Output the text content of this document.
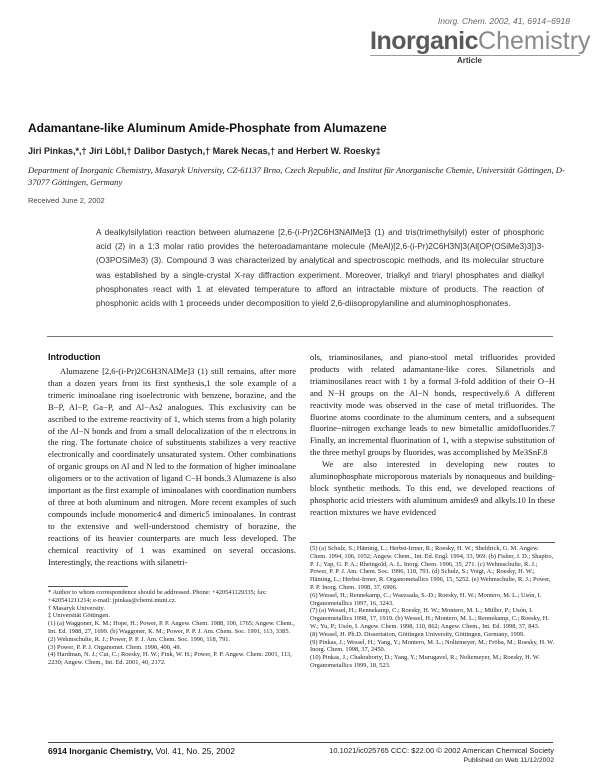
Inorg. Chem. 2002, 41, 6914−6918
InorganicChemistry
Article
Adamantane-like Aluminum Amide-Phosphate from Alumazene
Jiri Pinkas,*,† Jiri Löbl,† Dalibor Dastych,† Marek Necas,† and Herbert W. Roesky‡
Department of Inorganic Chemistry, Masaryk University, CZ-61137 Brno, Czech Republic, and Institut für Anorganische Chemie, Universität Göttingen, D-37077 Göttingen, Germany
Received June 2, 2002
A dealkylsilylation reaction between alumazene [2,6-(i-Pr)2C6H3NAlMe]3 (1) and tris(trimethylsilyl) ester of phosphoric acid (2) in a 1:3 molar ratio provides the heteroadamantane molecule (MeAl)[2,6-(i-Pr)2C6H3N]3(Al[OP(OSiMe3)3])3-(O3POSiMe3) (3). Compound 3 was characterized by analytical and spectroscopic methods, and its molecular structure was established by a single-crystal X-ray diffraction experiment. Moreover, trialkyl and triaryl phosphates and dialkyl phosphonates react with 1 at elevated temperature to afford an intractable mixture of products. The reaction of phosphonic acids with 1 proceeds under decomposition to yield 2,6-diisopropylaniline and aluminophosphonates.
Introduction

Alumazene [2,6-(i-Pr)2C6H3NAlMe]3 (1) still remains, after more than a dozen years from its first synthesis,1 the sole example of a trimeric iminoalane ring isoelectronic with benzene, borazine, and the B−P, Al−P, Ga−P, and Al−As2 analogues. This exclusivity can be ascribed to the extreme reactivity of 1, which stems from a high polarity of the Al−N bonds and from a small delocalization of the π electrons in the ring. The fortunate choice of substituents stabilizes a very reactive electronically and coordinately unsaturated system. Other combinations of organic groups on Al and N led to the formation of higher iminoalane oligomers or to the activation of ligand C−H bonds.3 Alumazene is also important as the first example of iminoalanes with coordination numbers of three at both aluminum and nitrogen. More recent examples of such compounds include monomeric4 and dimeric5 iminoalanes. In contrast to the extensive and well-understood chemistry of borazine, the reactions of its heavier counterparts are much less developed. The chemical reactivity of 1 was examined on several occasions. Interestingly, the reactions with silanetri-

ols, triaminosilanes, and piano-stool metal trifluorides provided products with related adamantane-like cores. Silanetriols and triaminosilanes react with 1 by a formal 3-fold addition of their O−H and N−H groups on the Al−N bonds, respectively.6 A different reactivity mode was observed in the case of metal trifluorides. The fluorine atoms coordinate to the aluminum centers, and a subsequent fluorine−nitrogen exchange leads to new bimetallic amidofluorides.7 Finally, an incremental fluorination of 1, with a stepwise substitution of the three methyl groups by fluorides, was accomplished by Me3SnF.8

We are also interested in developing new routes to aluminophosphate microporous materials by nonaqueous and building-block synthetic methods. To this end, we developed reactions of phosphoric acid triesters with aluminum amides9 and alkyls.10 In these reaction mixtures we have evidenced

* Author to whom correspondence should be addressed. Phone: +420541129335; fax: +420541211214; e-mail: jpinkas@chemi.muni.cz.
† Masaryk University.
‡ Universität Göttingen.
(1) (a) Waggoner, K. M.; Hope, H.; Power, P. P. Angew. Chem. 1988, 100, 1765; Angew. Chem., Int. Ed. 1988, 27, 1699. (b) Waggoner, K. M.; Power, P. P. J. Am. Chem. Soc. 1991, 113, 3385.
(2) Wehmschulte, R. J.; Power, P. P. J. Am. Chem. Soc. 1996, 118, 791.
(3) Power, P. P. J. Organomet. Chem. 1990, 400, 49.
(4) Hardman, N. J.; Cui, C.; Roesky, H. W.; Fink, W. H.; Power, P. P. Angew. Chem. 2001, 113, 2230; Angew. Chem., Int. Ed. 2001, 40, 2172.
(5) (a) Schulz, S.; Häming, L.; Herbst-Irmer, R.; Roesky, H. W.; Sheldrick, G. M. Angew. Chem. 1994, 106, 1052; Angew. Chem., Int. Ed. Engl. 1994, 33, 969. (b) Fisher, J. D.; Shapiro, P. J.; Yap, G. P. A.; Rheingold, A. L. Inorg. Chem. 1996, 35, 271. (c) Wehmschulte, R. J.; Power, P. P. J. Am. Chem. Soc. 1996, 118, 791. (d) Schulz, S.; Voigt, A.; Roesky, H. W.; Häming, L.; Herbst-Irmer, R. Organometallics 1996, 15, 5252. (e) Wehmschulte, R. J.; Power, P. P. Inorg. Chem. 1998, 37, 6906.
(6) Wessel, H.; Rennekamp, C.; Waezsada, S.-D.; Roesky, H. W.; Montero, M. L.; Usón, I. Organometallics 1997, 16, 3243.
(7) (a) Wessel, H.; Rennekamp, C.; Roesky, H. W.; Montero, M. L.; Müller, P.; Usón, I. Organometallics 1998, 17, 1919. (b) Wessel, H.; Montero, M. L.; Rennekamp, C.; Roesky, H. W.; Yu, P.; Usón, I. Angew. Chem. 1998, 110, 862; Angew. Chem., Int. Ed. 1998, 37, 843.
(8) Wessel, H. Ph.D. Dissertation, Göttingen University, Göttingen, Germany, 1999.
(9) Pinkas, J.; Wessel, H.; Yang, Y.; Montero, M. L.; Noltemeyer, M.; Fröba, M.; Roesky, H. W. Inorg. Chem. 1998, 37, 2450.
(10) Pinkas, J.; Chakraborty, D.; Yang, Y.; Murugavel, R.; Noltemeyer, M.; Roesky, H. W. Organometallics 1999, 18, 523.
6914 Inorganic Chemistry, Vol. 41, No. 25, 2002	10.1021/ic025765 CCC: $22.00 © 2002 American Chemical Society
Published on Web 11/12/2002
